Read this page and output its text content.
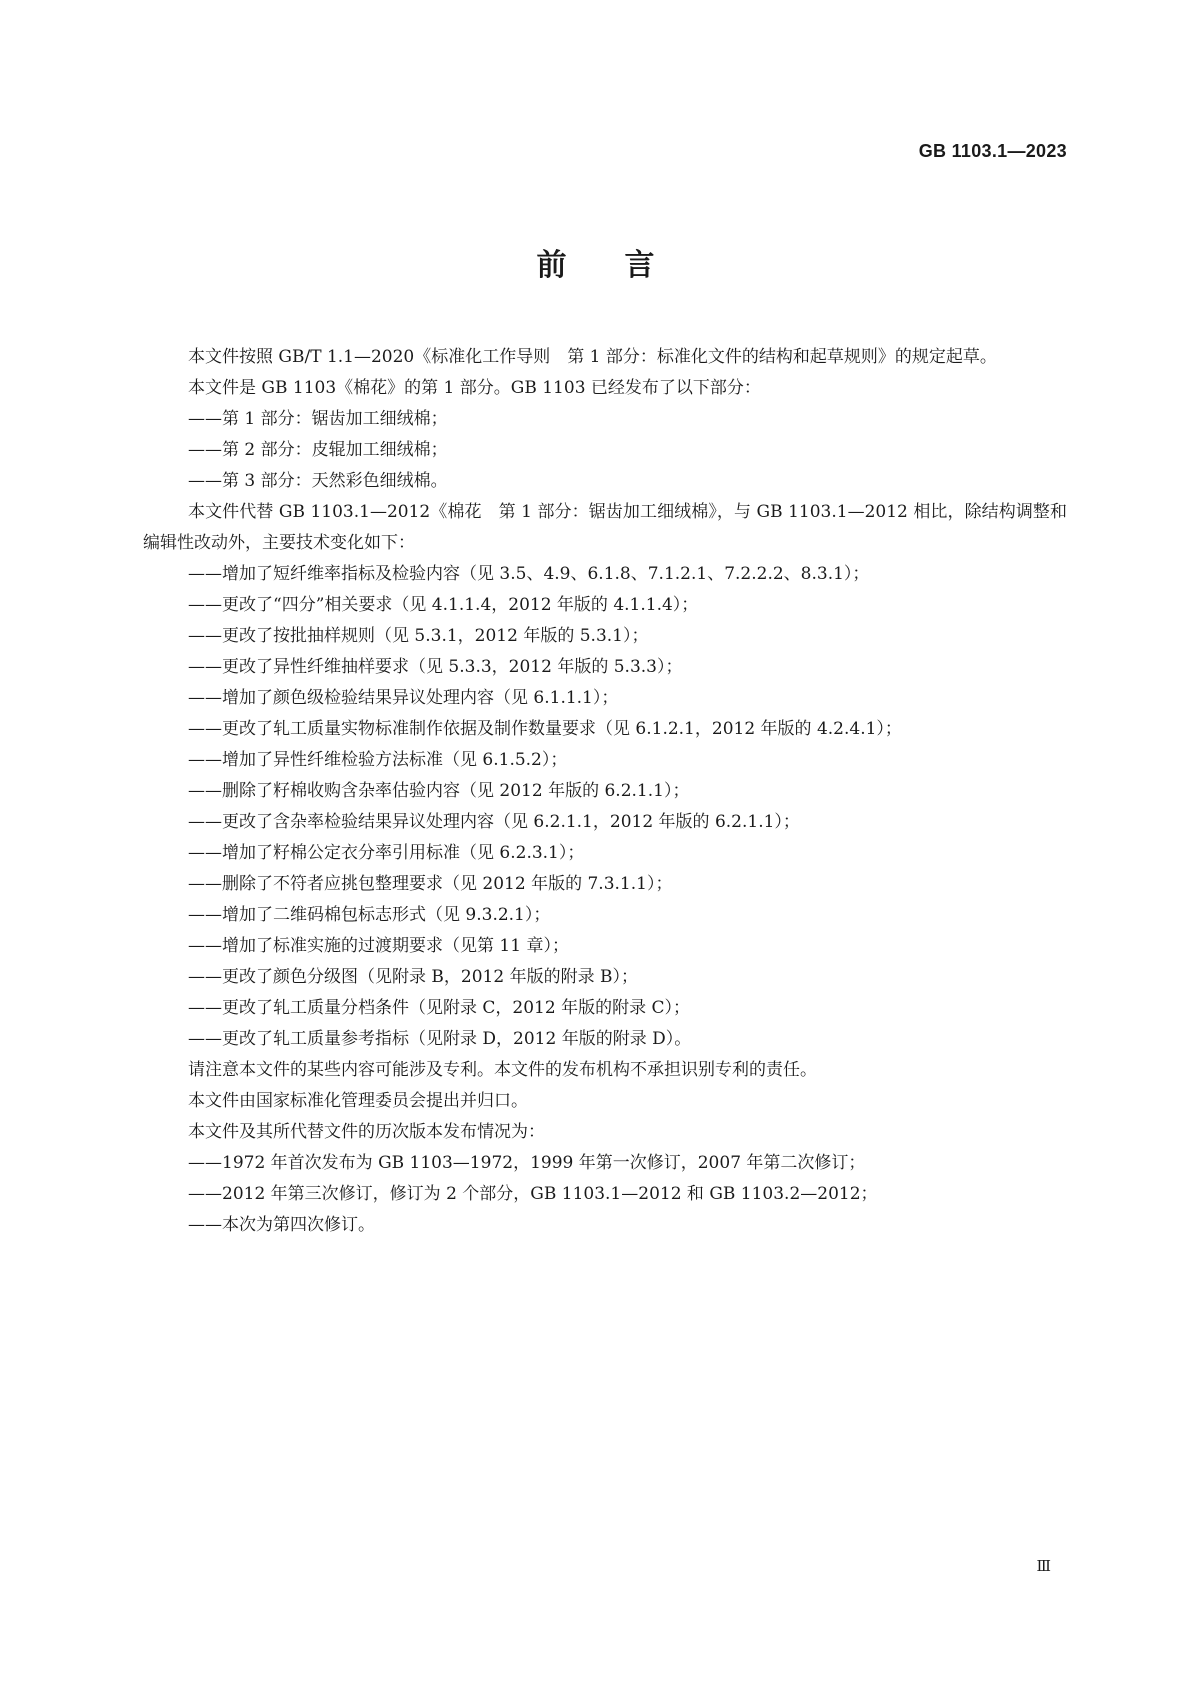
GB 1103.1—2023
前言

本文件按照 GB/T 1.1—2020《标准化工作导则　第 1 部分：标准化文件的结构和起草规则》的规定起草。

本文件是 GB 1103《棉花》的第 1 部分。GB 1103 已经发布了以下部分：

——第 1 部分：锯齿加工细绒棉；

——第 2 部分：皮辊加工细绒棉；

——第 3 部分：天然彩色细绒棉。

本文件代替 GB 1103.1—2012《棉花　第 1 部分：锯齿加工细绒棉》，与 GB 1103.1—2012 相比，除结构调整和编辑性改动外，主要技术变化如下：

——增加了短纤维率指标及检验内容（见 3.5、4.9、6.1.8、7.1.2.1、7.2.2.2、8.3.1）；

——更改了“四分”相关要求（见 4.1.1.4，2012 年版的 4.1.1.4）；

——更改了按批抽样规则（见 5.3.1，2012 年版的 5.3.1）；

——更改了异性纤维抽样要求（见 5.3.3，2012 年版的 5.3.3）；

——增加了颜色级检验结果异议处理内容（见 6.1.1.1）；

——更改了轧工质量实物标准制作依据及制作数量要求（见 6.1.2.1，2012 年版的 4.2.4.1）；

——增加了异性纤维检验方法标准（见 6.1.5.2）；

——删除了籽棉收购含杂率估验内容（见 2012 年版的 6.2.1.1）；

——更改了含杂率检验结果异议处理内容（见 6.2.1.1，2012 年版的 6.2.1.1）；

——增加了籽棉公定衣分率引用标准（见 6.2.3.1）；

——删除了不符者应挑包整理要求（见 2012 年版的 7.3.1.1）；

——增加了二维码棉包标志形式（见 9.3.2.1）；

——增加了标准实施的过渡期要求（见第 11 章）；

——更改了颜色分级图（见附录 B，2012 年版的附录 B）；

——更改了轧工质量分档条件（见附录 C，2012 年版的附录 C）；

——更改了轧工质量参考指标（见附录 D，2012 年版的附录 D）。

请注意本文件的某些内容可能涉及专利。本文件的发布机构不承担识别专利的责任。

本文件由国家标准化管理委员会提出并归口。

本文件及其所代替文件的历次版本发布情况为：

——1972 年首次发布为 GB 1103—1972，1999 年第一次修订，2007 年第二次修订；

——2012 年第三次修订，修订为 2 个部分，GB 1103.1—2012 和 GB 1103.2—2012；

——本次为第四次修订。

Ⅲ
